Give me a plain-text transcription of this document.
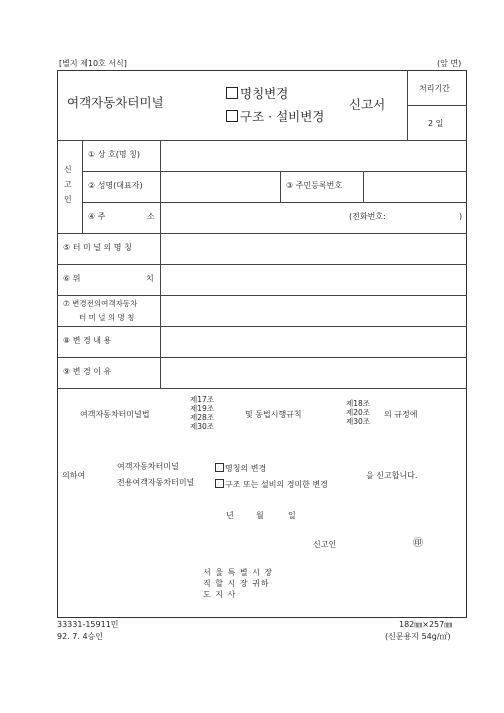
[별지 제10호 서식]	(앞 면)
여객자동차터미널
명칭변경
구조 · 설비변경
신고서
처리기간
2 일
신
고
인
① 상 호(명 칭)
② 성명(대표자)	③ 주민등록번호
④ 주	소	(전화번호:	)
⑤ 터 미 널 의 명 칭
⑥ 위	치
⑦ 변경전의여객자동차
터 미 널 의 명 칭
⑧ 변 경 내 용
⑨ 변 경 이 유
여객자동차터미널법
제17조
제19조
제28조
제30조
및 동법시행규칙
제18조
제20조
제30조
의 규정에
의하여
여객자동차터미널
전용여객자동차터미널
명칭의 변경
구조 또는 설비의 경미한 변경
을 신고합니다.
년	월	일
신고인	㊞
서 울 특 별 시 장
직 할 시 장 귀하
도 지 사
33331-15911민
92. 7. 4승인
182㎜×257㎜
(신문용지 54g/㎡)
